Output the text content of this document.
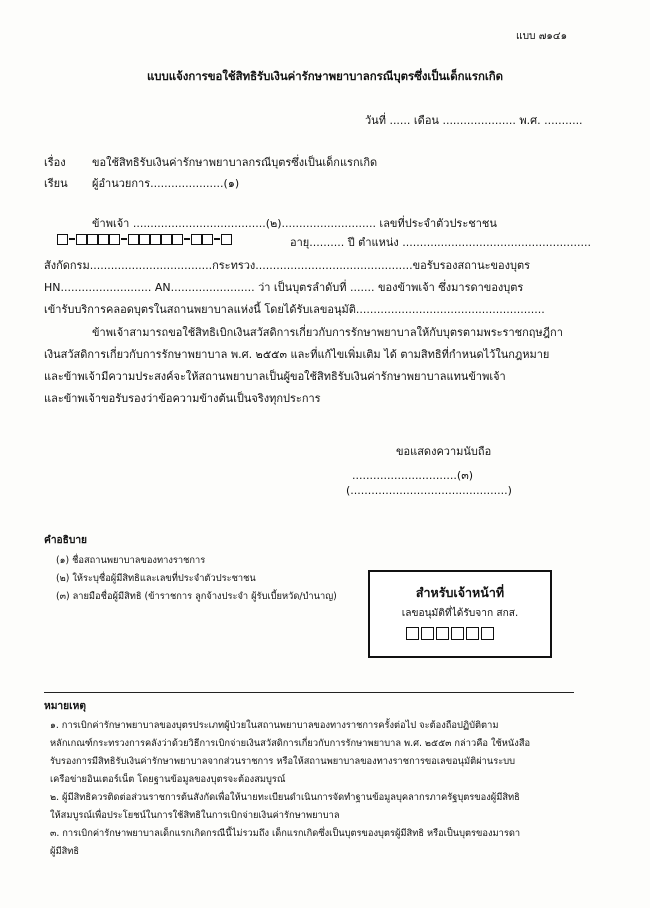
แบบ ๗๑๔๑
แบบแจ้งการขอใช้สิทธิรับเงินค่ารักษาพยาบาลกรณีบุตรซึ่งเป็นเด็กแรกเกิด
วันที่ ...... เดือน ..................... พ.ศ. ...........
เรื่อง ขอใช้สิทธิรับเงินค่ารักษาพยาบาลกรณีบุตรซึ่งเป็นเด็กแรกเกิด
เรียน ผู้อำนวยการ.....................(๑)
ข้าพเจ้า ......................................(๒)........................... เลขที่ประจำตัวประชาชน
อายุ.......... ปี ตำแหน่ง ......................................................
สังกัดกรม...................................กระทรวง.............................................ขอรับรองสถานะของบุตร
HN.......................... AN........................ ว่า เป็นบุตรลำดับที่ ....... ของข้าพเจ้า ซึ่งมารดาของบุตร
เข้ารับบริการคลอดบุตรในสถานพยาบาลแห่งนี้ โดยได้รับเลขอนุมัติ......................................................
ข้าพเจ้าสามารถขอใช้สิทธิเบิกเงินสวัสดิการเกี่ยวกับการรักษาพยาบาลให้กับบุตรตามพระราชกฤษฎีกา
เงินสวัสดิการเกี่ยวกับการรักษาพยาบาล พ.ศ. ๒๕๕๓ และที่แก้ไขเพิ่มเติม ได้ ตามสิทธิที่กำหนดไว้ในกฎหมาย
และข้าพเจ้ามีความประสงค์จะให้สถานพยาบาลเป็นผู้ขอใช้สิทธิรับเงินค่ารักษาพยาบาลแทนข้าพเจ้า
และข้าพเจ้าขอรับรองว่าข้อความข้างต้นเป็นจริงทุกประการ
ขอแสดงความนับถือ
..............................(๓)
(.............................................)
คำอธิบาย
(๑) ชื่อสถานพยาบาลของทางราชการ
(๒) ให้ระบุชื่อผู้มีสิทธิและเลขที่ประจำตัวประชาชน
(๓) ลายมือชื่อผู้มีสิทธิ (ข้าราชการ ลูกจ้างประจำ ผู้รับเบี้ยหวัด/บำนาญ)	สำหรับเจ้าหน้าที่
เลขอนุมัติที่ได้รับจาก สกส.
หมายเหตุ
๑. การเบิกค่ารักษาพยาบาลของบุตรประเภทผู้ป่วยในสถานพยาบาลของทางราชการครั้งต่อไป จะต้องถือปฏิบัติตาม
หลักเกณฑ์กระทรวงการคลังว่าด้วยวิธีการเบิกจ่ายเงินสวัสดิการเกี่ยวกับการรักษาพยาบาล พ.ศ. ๒๕๕๓ กล่าวคือ ใช้หนังสือ
รับรองการมีสิทธิรับเงินค่ารักษาพยาบาลจากส่วนราชการ หรือให้สถานพยาบาลของทางราชการขอเลขอนุมัติผ่านระบบ
เครือข่ายอินเตอร์เน็ต โดยฐานข้อมูลของบุตรจะต้องสมบูรณ์
๒. ผู้มีสิทธิควรติดต่อส่วนราชการต้นสังกัดเพื่อให้นายทะเบียนดำเนินการจัดทำฐานข้อมูลบุคลากรภาครัฐบุตรของผู้มีสิทธิ
ให้สมบูรณ์เพื่อประโยชน์ในการใช้สิทธิในการเบิกจ่ายเงินค่ารักษาพยาบาล
๓. การเบิกค่ารักษาพยาบาลเด็กแรกเกิดกรณีนี้ไม่รวมถึง เด็กแรกเกิดซึ่งเป็นบุตรของบุตรผู้มีสิทธิ หรือเป็นบุตรของมารดา
ผู้มีสิทธิ
